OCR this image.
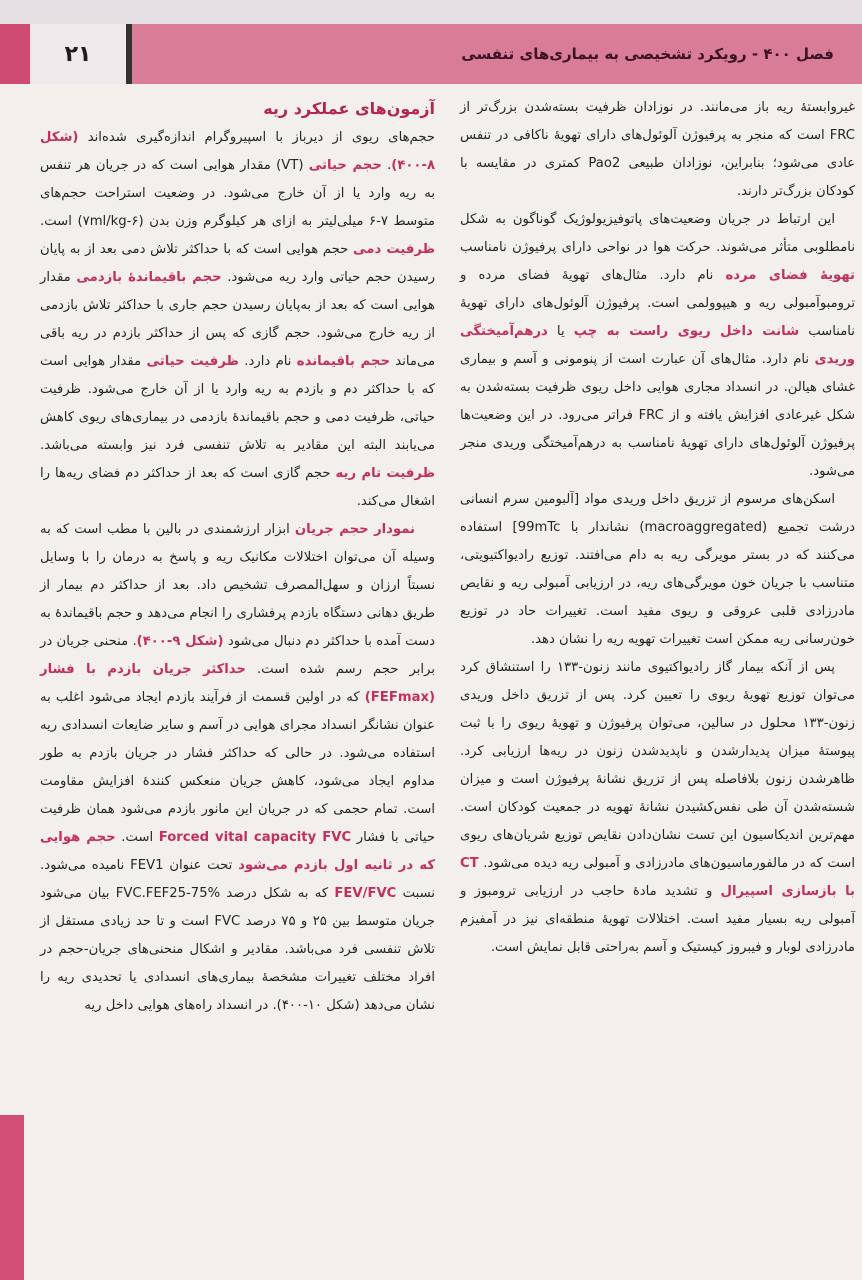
۲۱	فصل ۴۰۰ - رویکرد تشخیصی به بیماری‌های تنفسی

غیروابستهٔ ریه باز می‌مانند. در نوزادان ظرفیت بسته‌شدن بزرگ‌تر از FRC است که منجر به پرفیوژن آلوئول‌های دارای تهویهٔ ناکافی در تنفس عادی می‌شود؛ بنابراین، نوزادان طبیعی Pao2 کمتری در مقایسه با کودکان بزرگ‌تر دارند.

این ارتباط در جریان وضعیت‌های پاتوفیزیولوژیک گوناگون به شکل نامطلوبی متأثر می‌شوند. حرکت هوا در نواحی دارای پرفیوژن نامناسب تهویهٔ فضای مرده نام دارد. مثال‌های تهویهٔ فضای مرده و ترومبوآمبولی ریه و هیپوولمی است. پرفیوژن آلوئول‌های دارای تهویهٔ نامناسب شانت داخل ریوی راست به چپ یا درهم‌آمیختگی وریدی نام دارد. مثال‌های آن عبارت است از پنومونی و آسم و بیماری غشای هیالن. در انسداد مجاری هوایی داخل ریوی ظرفیت بسته‌شدن به شکل غیرعادی افزایش یافته و از FRC فراتر می‌رود. در این وضعیت‌ها پرفیوژن آلوئول‌های دارای تهویهٔ نامناسب به درهم‌آمیختگی وریدی منجر می‌شود.

اسکن‌های مرسوم از تزریق داخل وریدی مواد [آلبومین سرم انسانی درشت تجمیع (macroaggregated) نشاندار با 99mTc] استفاده می‌کنند که در بستر مویرگی ریه به دام می‌افتند. توزیع رادیواکتیویتی، متناسب با جریان خون مویرگی‌های ریه، در ارزیابی آمبولی ریه و نقایص مادرزادی قلبی عروقی و ریوی مفید است. تغییرات حاد در توزیع خون‌رسانی ریه ممکن است تغییرات تهویه ریه را نشان دهد.

پس از آنکه بیمار گاز رادیواکتیوی مانند زنون-۱۳۳ را استنشاق کرد می‌توان توزیع تهویهٔ ریوی را تعیین کرد. پس از تزریق داخل وریدی زنون-۱۳۳ محلول در سالین، می‌توان پرفیوژن و تهویهٔ ریوی را با ثبت پیوستهٔ میزان پدیدارشدن و ناپدیدشدن زنون در ریه‌ها ارزیابی کرد. ظاهرشدن زنون بلافاصله پس از تزریق نشانهٔ پرفیوژن است و میزان شسته‌شدن آن طی نفس‌کشیدن نشانهٔ تهویه در جمعیت کودکان است. مهم‌ترین اندیکاسیون این تست نشان‌دادن نقایص توزیع شریان‌های ریوی است که در مالفورماسیون‌های مادرزادی و آمبولی ریه دیده می‌شود. CT با بازسازی اسپیرال و تشدید مادهٔ حاجب در ارزیابی ترومبوز و آمبولی ریه بسیار مفید است. اختلالات تهویهٔ منطقه‌ای نیز در آمفیزم مادرزادی لوبار و فیبروز کیستیک و آسم به‌راحتی قابل نمایش است.

آزمون‌های عملکرد ریه

حجم‌های ریوی از دیرباز با اسپیروگرام اندازه‌گیری شده‌اند (شکل ۸-۴۰۰). حجم حیاتی (VT) مقدار هوایی است که در جریان هر تنفس به ریه وارد یا از آن خارج می‌شود. در وضعیت استراحت حجم‌های متوسط ۷-۶ میلی‌لیتر به ازای هر کیلوگرم وزن بدن (۶-۷ml/kg) است. ظرفیت دمی حجم هوایی است که با حداکثر تلاش دمی بعد از به پایان رسیدن حجم حیاتی وارد ریه می‌شود. حجم باقیماندهٔ بازدمی مقدار هوایی است که بعد از به‌پایان رسیدن حجم جاری با حداکثر تلاش بازدمی از ریه خارج می‌شود. حجم گازی که پس از حداکثر بازدم در ریه باقی می‌ماند حجم باقیمانده نام دارد. ظرفیت حیاتی مقدار هوایی است که با حداکثر دم و بازدم به ریه وارد یا از آن خارج می‌شود. ظرفیت حیاتی، ظرفیت دمی و حجم باقیماندهٔ بازدمی در بیماری‌های ریوی کاهش می‌یابند البته این مقادیر به تلاش تنفسی فرد نیز وابسته می‌باشد. ظرفیت تام ریه حجم گازی است که بعد از حداکثر دم فضای ریه‌ها را اشغال می‌کند.

نمودار حجم جریان ابزار ارزشمندی در بالین با مطب است که به وسیله آن می‌توان اختلالات مکانیک ریه و پاسخ به درمان را با وسایل نسبتاً ارزان و سهل‌المصرف تشخیص داد. بعد از حداکثر دم بیمار از طریق دهانی دستگاه بازدم پرفشاری را انجام می‌دهد و حجم باقیماندهٔ به دست آمده با حداکثر دم دنبال می‌شود (شکل ۹-۴۰۰). منحنی جریان در برابر حجم رسم شده است. حداکثر جریان بازدم با فشار (FEFmax) که در اولین قسمت از فرآیند بازدم ایجاد می‌شود اغلب به عنوان نشانگر انسداد مجرای هوایی در آسم و سایر ضایعات انسدادی ریه استفاده می‌شود. در حالی که حداکثر فشار در جریان بازدم به طور مداوم ایجاد می‌شود، کاهش جریان منعکس کنندهٔ افزایش مقاومت است. تمام حجمی که در جریان این مانور بازدم می‌شود همان ظرفیت حیاتی با فشار Forced vital capacity FVC است. حجم هوایی که در ثانیه اول بازدم می‌شود تحت عنوان FEV1 نامیده می‌شود. نسبت FEV/FVC که به شکل درصد FVC.FEF25-75% بیان می‌شود جریان متوسط بین ۲۵ و ۷۵ درصد FVC است و تا حد زیادی مستقل از تلاش تنفسی فرد می‌باشد. مقادیر و اشکال منحنی‌های جریان-حجم در افراد مختلف تغییرات مشخصهٔ بیماری‌های انسدادی یا تحدیدی ریه را نشان می‌دهد (شکل ۱۰-۴۰۰). در انسداد راه‌های هوایی داخل ریه
